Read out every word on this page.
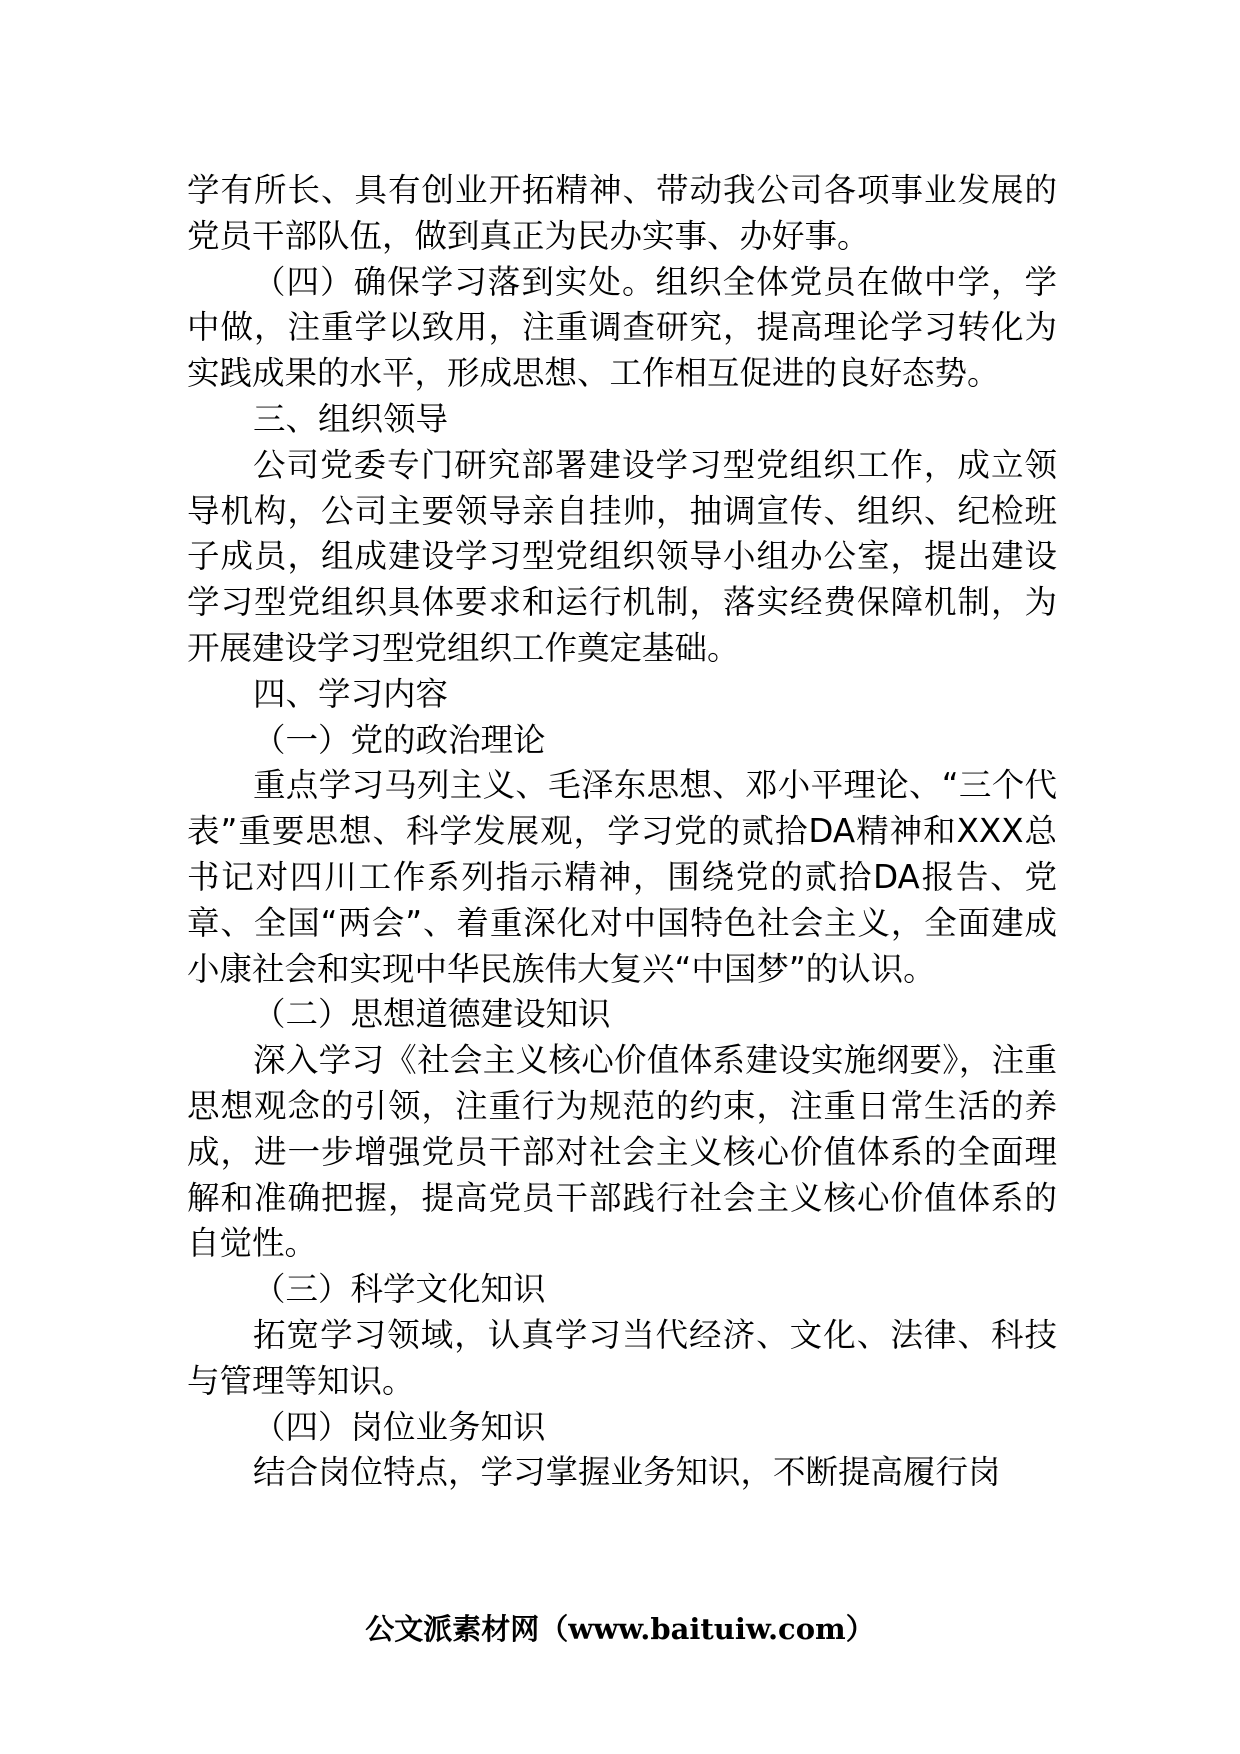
学有所长、具有创业开拓精神、带动我公司各项事业发展的党员干部队伍，做到真正为民办实事、办好事。

（四）确保学习落到实处。组织全体党员在做中学，学中做，注重学以致用，注重调查研究，提高理论学习转化为实践成果的水平，形成思想、工作相互促进的良好态势。

三、组织领导

公司党委专门研究部署建设学习型党组织工作，成立领导机构，公司主要领导亲自挂帅，抽调宣传、组织、纪检班子成员，组成建设学习型党组织领导小组办公室，提出建设学习型党组织具体要求和运行机制，落实经费保障机制，为开展建设学习型党组织工作奠定基础。

四、学习内容

（一）党的政治理论

重点学习马列主义、毛泽东思想、邓小平理论、“三个代表”重要思想、科学发展观，学习党的贰拾DA精神和XXX总书记对四川工作系列指示精神，围绕党的贰拾DA报告、党章、全国“两会”、着重深化对中国特色社会主义，全面建成小康社会和实现中华民族伟大复兴“中国梦”的认识。

（二）思想道德建设知识

深入学习《社会主义核心价值体系建设实施纲要》，注重思想观念的引领，注重行为规范的约束，注重日常生活的养成，进一步增强党员干部对社会主义核心价值体系的全面理解和准确把握，提高党员干部践行社会主义核心价值体系的自觉性。

（三）科学文化知识

拓宽学习领域，认真学习当代经济、文化、法律、科技与管理等知识。

（四）岗位业务知识

结合岗位特点，学习掌握业务知识，不断提高履行岗

公文派素材网（www.baituiw.com）
